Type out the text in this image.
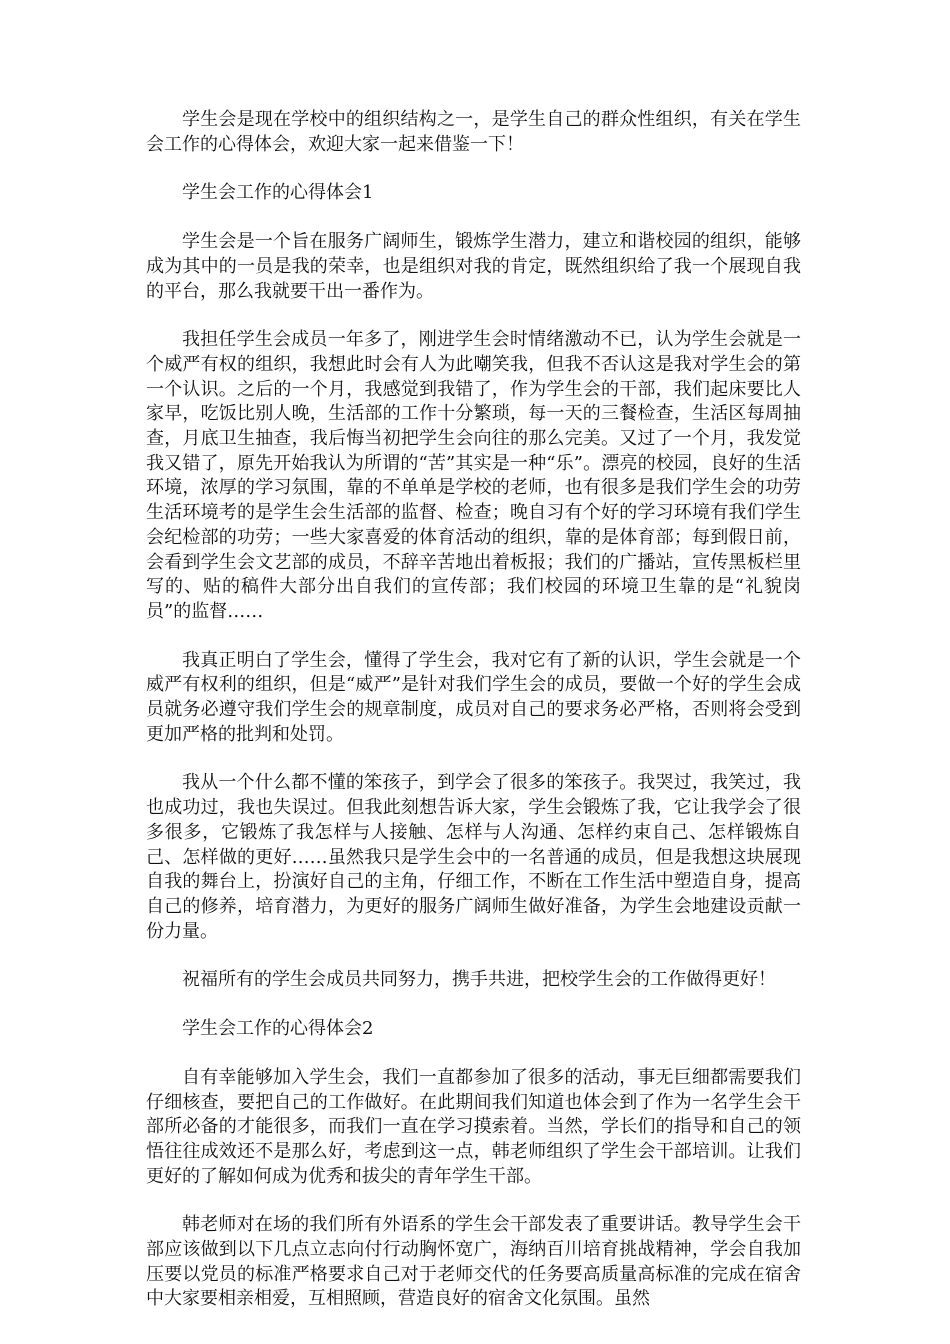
学生会是现在学校中的组织结构之一，是学生自己的群众性组织，有关在学生会工作的心得体会，欢迎大家一起来借鉴一下！

学生会工作的心得体会1

学生会是一个旨在服务广阔师生，锻炼学生潜力，建立和谐校园的组织，能够成为其中的一员是我的荣幸，也是组织对我的肯定，既然组织给了我一个展现自我的平台，那么我就要干出一番作为。

我担任学生会成员一年多了，刚进学生会时情绪激动不已，认为学生会就是一个威严有权的组织，我想此时会有人为此嘲笑我，但我不否认这是我对学生会的第一个认识。之后的一个月，我感觉到我错了，作为学生会的干部，我们起床要比人家早，吃饭比别人晚，生活部的工作十分繁琐，每一天的三餐检查，生活区每周抽查，月底卫生抽查，我后悔当初把学生会向往的那么完美。又过了一个月，我发觉我又错了，原先开始我认为所谓的“苦”其实是一种“乐”。漂亮的校园，良好的生活环境，浓厚的学习氛围，靠的不单单是学校的老师，也有很多是我们学生会的功劳生活环境考的是学生会生活部的监督、检查；晚自习有个好的学习环境有我们学生会纪检部的功劳；一些大家喜爱的体育活动的组织，靠的是体育部；每到假日前，会看到学生会文艺部的成员，不辞辛苦地出着板报；我们的广播站，宣传黑板栏里写的、贴的稿件大部分出自我们的宣传部；我们校园的环境卫生靠的是“礼貌岗员”的监督……

我真正明白了学生会，懂得了学生会，我对它有了新的认识，学生会就是一个威严有权利的组织，但是“威严”是针对我们学生会的成员，要做一个好的学生会成员就务必遵守我们学生会的规章制度，成员对自己的要求务必严格，否则将会受到更加严格的批判和处罚。

我从一个什么都不懂的笨孩子，到学会了很多的笨孩子。我哭过，我笑过，我也成功过，我也失误过。但我此刻想告诉大家，学生会锻炼了我，它让我学会了很多很多，它锻炼了我怎样与人接触、怎样与人沟通、怎样约束自己、怎样锻炼自己、怎样做的更好……虽然我只是学生会中的一名普通的成员，但是我想这块展现自我的舞台上，扮演好自己的主角，仔细工作，不断在工作生活中塑造自身，提高自己的修养，培育潜力，为更好的服务广阔师生做好准备，为学生会地建设贡献一份力量。

祝福所有的学生会成员共同努力，携手共进，把校学生会的工作做得更好！

学生会工作的心得体会2

自有幸能够加入学生会，我们一直都参加了很多的活动，事无巨细都需要我们仔细核查，要把自己的工作做好。在此期间我们知道也体会到了作为一名学生会干部所必备的才能很多，而我们一直在学习摸索着。当然，学长们的指导和自己的领悟往往成效还不是那么好，考虑到这一点，韩老师组织了学生会干部培训。让我们更好的了解如何成为优秀和拔尖的青年学生干部。

韩老师对在场的我们所有外语系的学生会干部发表了重要讲话。教导学生会干部应该做到以下几点立志向付行动胸怀宽广，海纳百川培育挑战精神，学会自我加压要以党员的标准严格要求自己对于老师交代的任务要高质量高标准的完成在宿舍中大家要相亲相爱，互相照顾，营造良好的宿舍文化氛围。虽然
